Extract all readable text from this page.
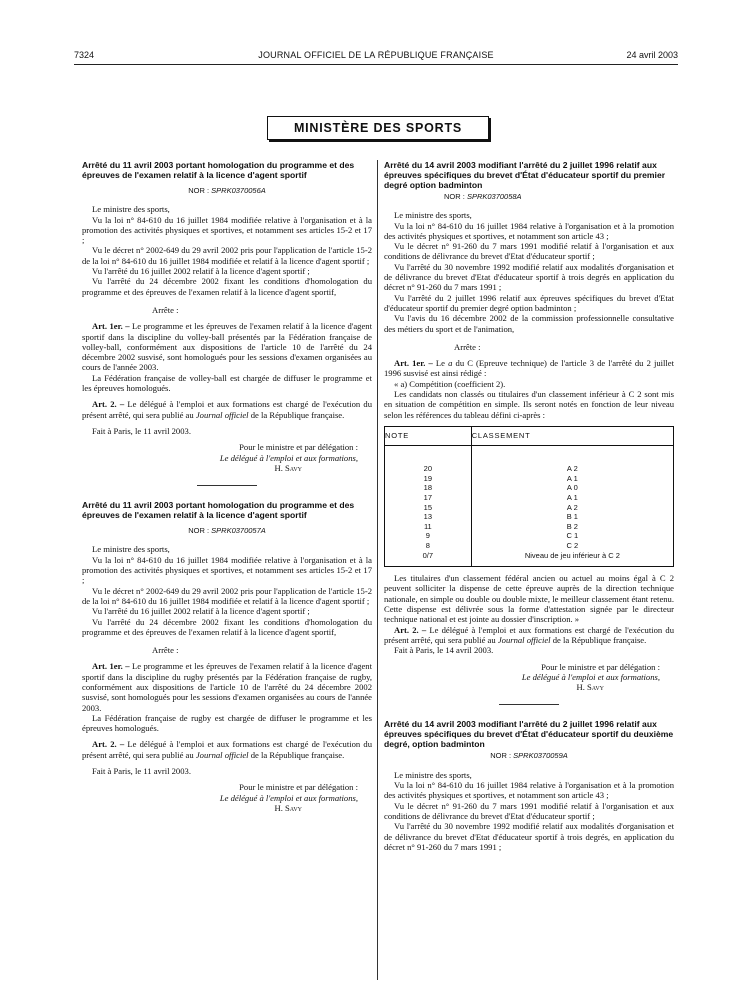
7324	JOURNAL OFFICIEL DE LA RÉPUBLIQUE FRANÇAISE	24 avril 2003
MINISTÈRE DES SPORTS
Arrêté du 11 avril 2003 portant homologation du programme et des épreuves de l'examen relatif à la licence d'agent sportif
NOR : SPRK0370056A

Le ministre des sports,

Vu la loi n° 84-610 du 16 juillet 1984 modifiée relative à l'organisation et à la promotion des activités physiques et sportives, et notamment ses articles 15-2 et 17 ;

Vu le décret n° 2002-649 du 29 avril 2002 pris pour l'application de l'article 15-2 de la loi n° 84-610 du 16 juillet 1984 modifiée et relatif à la licence d'agent sportif ;

Vu l'arrêté du 16 juillet 2002 relatif à la licence d'agent sportif ;

Vu l'arrêté du 24 décembre 2002 fixant les conditions d'homologation du programme et des épreuves de l'examen relatif à la licence d'agent sportif,

Arrête :

Art. 1er. – Le programme et les épreuves de l'examen relatif à la licence d'agent sportif dans la discipline du volley-ball présentés par la Fédération française de volley-ball, conformément aux dispositions de l'article 10 de l'arrêté du 24 décembre 2002 susvisé, sont homologués pour les sessions d'examen organisées au cours de l'année 2003.

La Fédération française de volley-ball est chargée de diffuser le programme et les épreuves homologués.

Art. 2. – Le délégué à l'emploi et aux formations est chargé de l'exécution du présent arrêté, qui sera publié au Journal officiel de la République française.

Fait à Paris, le 11 avril 2003.

Pour le ministre et par délégation :

Le délégué à l'emploi et aux formations,

H. Savy

Arrêté du 11 avril 2003 portant homologation du programme et des épreuves de l'examen relatif à la licence d'agent sportif
NOR : SPRK0370057A

Le ministre des sports,

Vu la loi n° 84-610 du 16 juillet 1984 modifiée relative à l'organisation et à la promotion des activités physiques et sportives, et notamment ses articles 15-2 et 17 ;

Vu le décret n° 2002-649 du 29 avril 2002 pris pour l'application de l'article 15-2 de la loi n° 84-610 du 16 juillet 1984 modifiée et relatif à la licence d'agent sportif ;

Vu l'arrêté du 16 juillet 2002 relatif à la licence d'agent sportif ;

Vu l'arrêté du 24 décembre 2002 fixant les conditions d'homologation du programme et des épreuves de l'examen relatif à la licence d'agent sportif,

Arrête :

Art. 1er. – Le programme et les épreuves de l'examen relatif à la licence d'agent sportif dans la discipline du rugby présentés par la Fédération française de rugby, conformément aux dispositions de l'article 10 de l'arrêté du 24 décembre 2002 susvisé, sont homologués pour les sessions d'examen organisées au cours de l'année 2003.

La Fédération française de rugby est chargée de diffuser le programme et les épreuves homologués.

Art. 2. – Le délégué à l'emploi et aux formations est chargé de l'exécution du présent arrêté, qui sera publié au Journal officiel de la République française.

Fait à Paris, le 11 avril 2003.

Pour le ministre et par délégation :

Le délégué à l'emploi et aux formations,

H. Savy

Arrêté du 14 avril 2003 modifiant l'arrêté du 2 juillet 1996 relatif aux épreuves spécifiques du brevet d'État d'éducateur sportif du premier degré option badminton
NOR : SPRK0370058A

Le ministre des sports,

Vu la loi n° 84-610 du 16 juillet 1984 relative à l'organisation et à la promotion des activités physiques et sportives, et notamment son article 43 ;

Vu le décret n° 91-260 du 7 mars 1991 modifié relatif à l'organisation et aux conditions de délivrance du brevet d'Etat d'éducateur sportif ;

Vu l'arrêté du 30 novembre 1992 modifié relatif aux modalités d'organisation et de délivrance du brevet d'Etat d'éducateur sportif à trois degrés en application du décret n° 91-260 du 7 mars 1991 ;

Vu l'arrêté du 2 juillet 1996 relatif aux épreuves spécifiques du brevet d'Etat d'éducateur sportif du premier degré option badminton ;

Vu l'avis du 16 décembre 2002 de la commission professionnelle consultative des métiers du sport et de l'animation,

Arrête :

Art. 1er. – Le a du C (Epreuve technique) de l'article 3 de l'arrêté du 2 juillet 1996 susvisé est ainsi rédigé :

« a) Compétition (coefficient 2).

Les candidats non classés ou titulaires d'un classement inférieur à C 2 sont mis en situation de compétition en simple. Ils seront notés en fonction de leur niveau selon les références du tableau défini ci-après :

NOTE	CLASSEMENT
20	A 2
19	A 1
18	A 0
17	A 1
15	A 2
13	B 1
11	B 2
9	C 1
8	C 2
0/7	Niveau de jeu inférieur à C 2

Les titulaires d'un classement fédéral ancien ou actuel au moins égal à C 2 peuvent solliciter la dispense de cette épreuve auprès de la direction technique nationale, en simple ou double ou double mixte, le meilleur classement étant retenu. Cette dispense est délivrée sous la forme d'attestation signée par le directeur technique national et est jointe au dossier d'inscription. »

Art. 2. – Le délégué à l'emploi et aux formations est chargé de l'exécution du présent arrêté, qui sera publié au Journal officiel de la République française.

Fait à Paris, le 14 avril 2003.

Pour le ministre et par délégation :

Le délégué à l'emploi et aux formations,

H. Savy

Arrêté du 14 avril 2003 modifiant l'arrêté du 2 juillet 1996 relatif aux épreuves spécifiques du brevet d'État d'éducateur sportif du deuxième degré, option badminton
NOR : SPRK0370059A

Le ministre des sports,

Vu la loi n° 84-610 du 16 juillet 1984 relative à l'organisation et à la promotion des activités physiques et sportives, et notamment son article 43 ;

Vu le décret n° 91-260 du 7 mars 1991 modifié relatif à l'organisation et aux conditions de délivrance du brevet d'Etat d'éducateur sportif ;

Vu l'arrêté du 30 novembre 1992 modifié relatif aux modalités d'organisation et de délivrance du brevet d'Etat d'éducateur sportif à trois degrés, en application du décret n° 91-260 du 7 mars 1991 ;
